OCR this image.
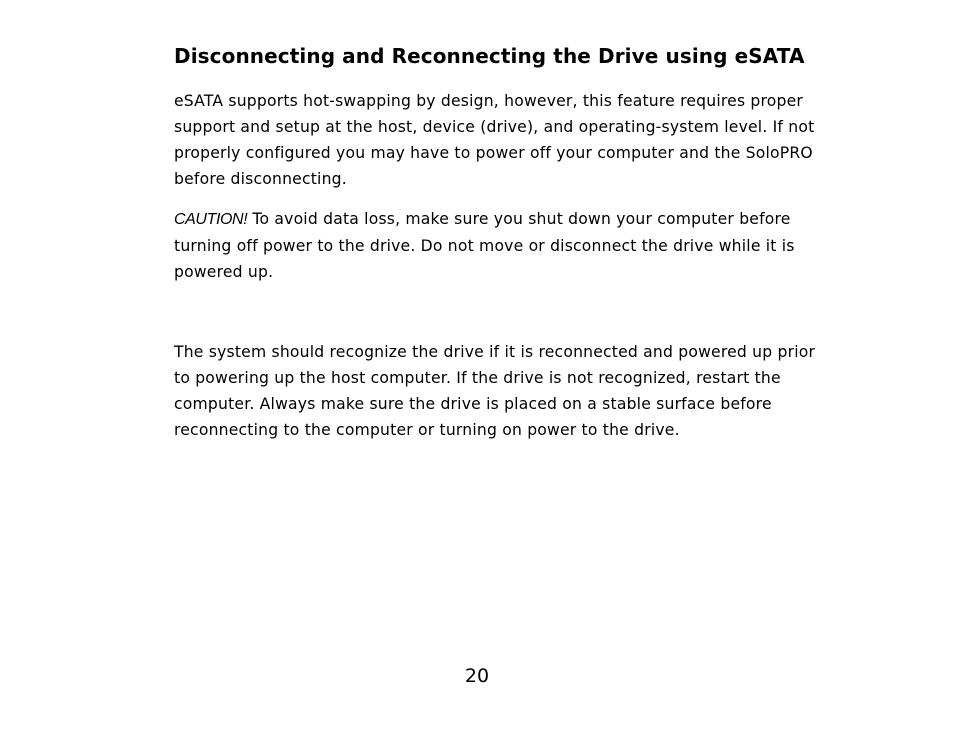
Disconnecting and Reconnecting the Drive using eSATA

eSATA supports hot-swapping by design, however, this feature requires proper support and setup at the host, device (drive), and operating-system level. If not properly configured you may have to power off your computer and the SoloPRO before disconnecting.

CAUTION! To avoid data loss, make sure you shut down your computer before turning off power to the drive. Do not move or disconnect the drive while it is powered up.

The system should recognize the drive if it is reconnected and powered up prior to powering up the host computer. If the drive is not recognized, restart the computer. Always make sure the drive is placed on a stable surface before reconnecting to the computer or turning on power to the drive.

20
